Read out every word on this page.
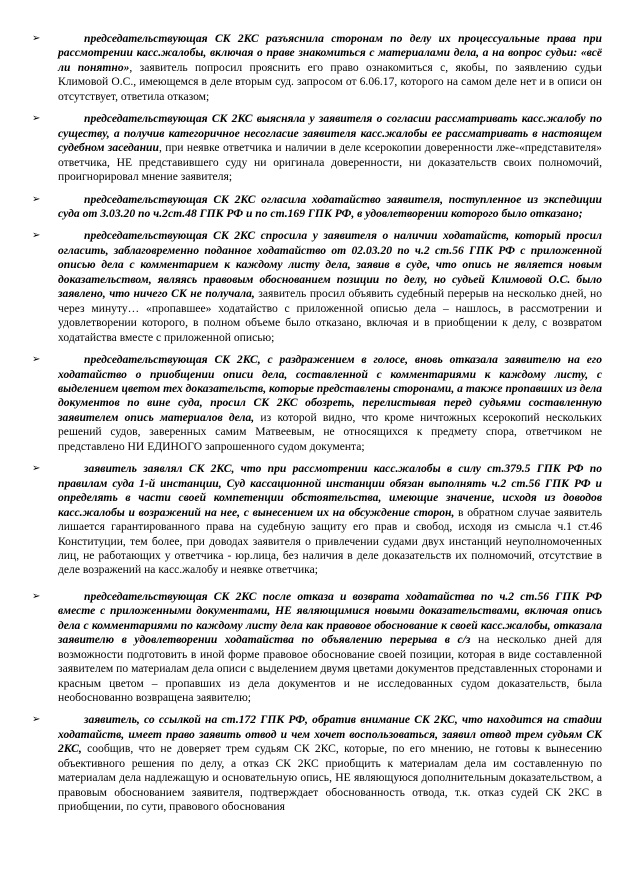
➢	председательствующая СК 2КС разъяснила сторонам по делу их процессуальные права при рассмотрении касс.жалобы, включая о праве знакомиться с материалами дела, а на вопрос судьи: «всё ли понятно», заявитель попросил прояснить его право ознакомиться с, якобы, по заявлению судьи Климовой О.С., имеющемся в деле вторым суд. запросом от 6.06.17, которого на самом деле нет и в описи он отсутствует, ответила отказом;

➢	председательствующая СК 2КС выясняла у заявителя о согласии рассматривать касс.жалобу по существу, а получив категоричное несогласие заявителя касс.жалобы ее рассматривать в настоящем судебном заседании, при неявке ответчика и наличии в деле ксерокопии доверенности лже-«представителя» ответчика, НЕ представившего суду ни оригинала доверенности, ни доказательств своих полномочий, проигнорировал мнение заявителя;

➢	председательствующая СК 2КС огласила ходатайство заявителя, поступленное из экспедиции суда от 3.03.20 по ч.2ст.48 ГПК РФ и по ст.169 ГПК РФ, в удовлетворении которого было отказано;

➢	председательствующая СК 2КС спросила у заявителя о наличии ходатайств, который просил огласить, заблаговременно поданное ходатайство от 02.03.20 по ч.2 ст.56 ГПК РФ с приложенной описью дела с комментарием к каждому листу дела, заявив в суде, что опись не является новым доказательством, являясь правовым обоснованием позиции по делу, но судьей Климовой О.С. было заявлено, что ничего СК не получала, заявитель просил объявить судебный перерыв на несколько дней, но через минуту… «пропавшее» ходатайство с приложенной описью дела – нашлось, в рассмотрении и удовлетворении которого, в полном объеме было отказано, включая и в приобщении к делу, с возвратом ходатайства вместе с приложенной описью;

➢	председательствующая СК 2КС, с раздражением в голосе, вновь отказала заявителю на его ходатайство о приобщении описи дела, составленной с комментариями к каждому листу, с выделением цветом тех доказательств, которые представлены сторонами, а также пропавших из дела документов по вине суда, просил СК 2КС обозреть, перелистывая перед судьями составленную заявителем опись материалов дела, из которой видно, что кроме ничтожных ксерокопий нескольких решений судов, заверенных самим Матвеевым, не относящихся к предмету спора, ответчиком не представлено НИ ЕДИНОГО запрошенного судом документа;

➢	заявитель заявлял СК 2КС, что при рассмотрении касс.жалобы в силу ст.379.5 ГПК РФ по правилам суда 1-й инстанции, Суд кассационной инстанции обязан выполнять ч.2 ст.56 ГПК РФ и определять в части своей компетенции обстоятельства, имеющие значение, исходя из доводов касс.жалобы и возражений на нее, с вынесением их на обсуждение сторон, в обратном случае заявитель лишается гарантированного права на судебную защиту его прав и свобод, исходя из смысла ч.1 ст.46 Конституции, тем более, при доводах заявителя о привлечении судами двух инстанций неуполномоченных лиц, не работающих у ответчика - юр.лица, без наличия в деле доказательств их полномочий, отсутствие в деле возражений на касс.жалобу и неявке ответчика;

➢	председательствующая СК 2КС после отказа и возврата ходатайства по ч.2 ст.56 ГПК РФ вместе с приложенными документами, НЕ являющимися новыми доказательствами, включая опись дела с комментариями по каждому листу дела как правовое обоснование к своей касс.жалобы, отказала заявителю в удовлетворении ходатайства по объявлению перерыва в с/з на несколько дней для возможности подготовить в иной форме правовое обоснование своей позиции, которая в виде составленной заявителем по материалам дела описи с выделением двумя цветами документов представленных сторонами и красным цветом – пропавших из дела документов и не исследованных судом доказательств, была необоснованно возвращена заявителю;

➢	заявитель, со ссылкой на ст.172 ГПК РФ, обратив внимание СК 2КС, что находится на стадии ходатайств, имеет право заявить отвод и чем хочет воспользоваться, заявил отвод трем судьям СК 2КС, сообщив, что не доверяет трем судьям СК 2КС, которые, по его мнению, не готовы к вынесению объективного решения по делу, а отказ СК 2КС приобщить к материалам дела им составленную по материалам дела надлежащую и основательную опись, НЕ являющуюся дополнительным доказательством, а правовым обоснованием заявителя, подтверждает обоснованность отвода, т.к. отказ судей СК 2КС в приобщении, по сути, правового обоснования
